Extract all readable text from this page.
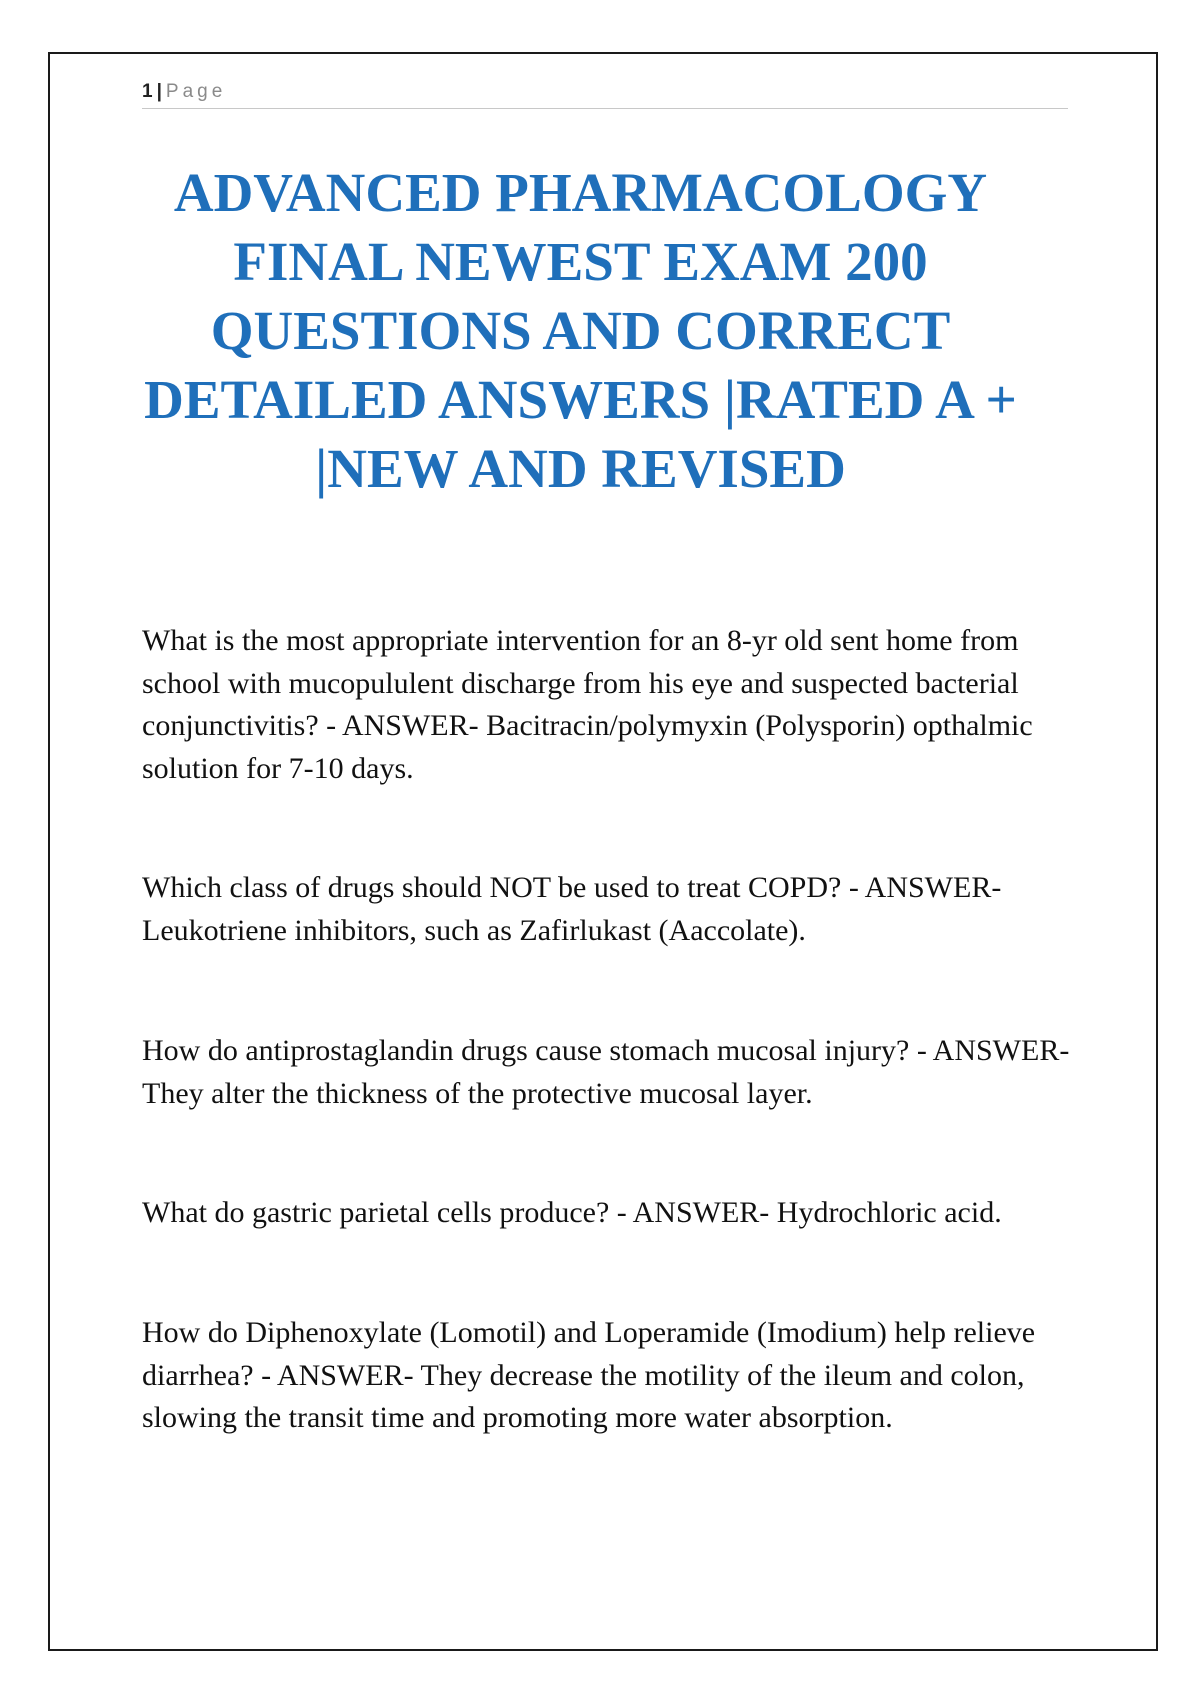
1 | Page
ADVANCED PHARMACOLOGY FINAL NEWEST EXAM 200 QUESTIONS AND CORRECT DETAILED ANSWERS |RATED A + |NEW AND REVISED

What is the most appropriate intervention for an 8-yr old sent home from school with mucopululent discharge from his eye and suspected bacterial conjunctivitis? - ANSWER- Bacitracin/polymyxin (Polysporin) opthalmic solution for 7-10 days.

Which class of drugs should NOT be used to treat COPD? - ANSWER- Leukotriene inhibitors, such as Zafirlukast (Aaccolate).

How do antiprostaglandin drugs cause stomach mucosal injury? - ANSWER- They alter the thickness of the protective mucosal layer.

What do gastric parietal cells produce? - ANSWER- Hydrochloric acid.

How do Diphenoxylate (Lomotil) and Loperamide (Imodium) help relieve diarrhea? - ANSWER- They decrease the motility of the ileum and colon, slowing the transit time and promoting more water absorption.
